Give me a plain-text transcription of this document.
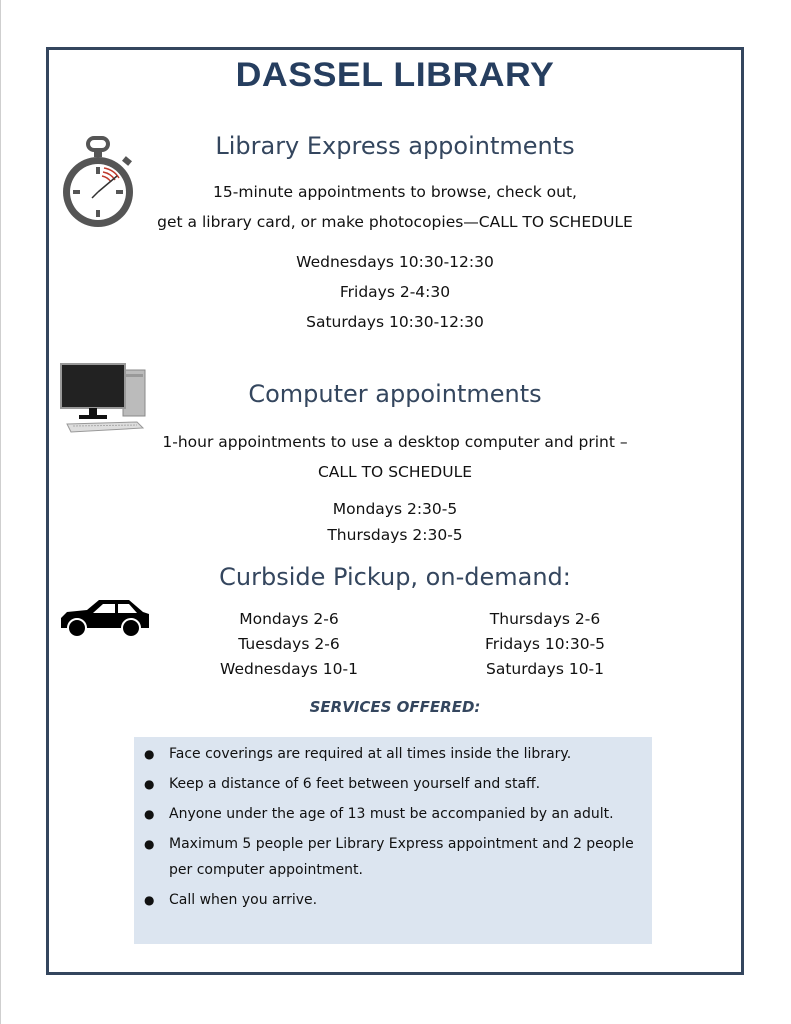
DASSEL LIBRARY
Library Express appointments
15-minute appointments to browse, check out,
get a library card, or make photocopies—CALL TO SCHEDULE
Wednesdays 10:30-12:30
Fridays 2-4:30
Saturdays 10:30-12:30
Computer appointments
1-hour appointments to use a desktop computer and print –
CALL TO SCHEDULE
Mondays 2:30-5
Thursdays 2:30-5
Curbside Pickup, on-demand:
Mondays 2-6
Tuesdays 2-6
Wednesdays 10-1
Thursdays 2-6
Fridays 10:30-5
Saturdays 10-1
SERVICES OFFERED:
● Face coverings are required at all times inside the library.
● Keep a distance of 6 feet between yourself and staff.
● Anyone under the age of 13 must be accompanied by an adult.
● Maximum 5 people per Library Express appointment and 2 people per computer appointment.
● Call when you arrive.
